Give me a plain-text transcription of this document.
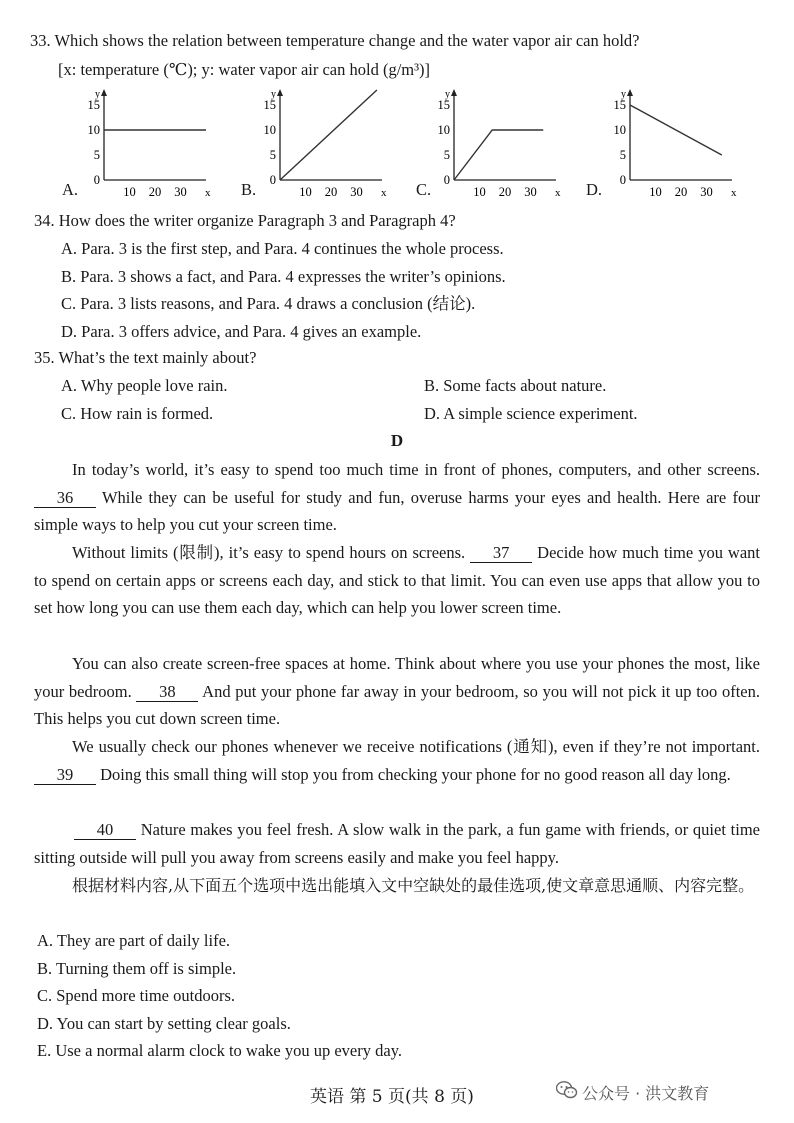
33. Which shows the relation between temperature change and the water vapor air can hold?
[x: temperature (℃); y: water vapor air can hold (g/m³)]
A.	B.	C.	D.
y
15
10
5
0
10 20 30 x
y
15
10
5
0
10 20 30 x
y
15
10
5
0
10 20 30 x
y
15
10
5
0
10 20 30 x
34. How does the writer organize Paragraph 3 and Paragraph 4?
A. Para. 3 is the first step, and Para. 4 continues the whole process.
B. Para. 3 shows a fact, and Para. 4 expresses the writer’s opinions.
C. Para. 3 lists reasons, and Para. 4 draws a conclusion (结论).
D. Para. 3 offers advice, and Para. 4 gives an example.
35. What’s the text mainly about?
A. Why people love rain.	B. Some facts about nature.
C. How rain is formed.	D. A simple science experiment.
D
In today’s world, it’s easy to spend too much time in front of phones, computers, and other screens. 36 While they can be useful for study and fun, overuse harms your eyes and health. Here are four simple ways to help you cut your screen time.
Without limits (限制), it’s easy to spend hours on screens. 37 Decide how much time you want to spend on certain apps or screens each day, and stick to that limit. You can even use apps that allow you to set how long you can use them each day, which can help you lower screen time.
You can also create screen-free spaces at home. Think about where you use your phones the most, like your bedroom. 38 And put your phone far away in your bedroom, so you will not pick it up too often. This helps you cut down screen time.
We usually check our phones whenever we receive notifications (通知), even if they’re not important. 39 Doing this small thing will stop you from checking your phone for no good reason all day long.
40 Nature makes you feel fresh. A slow walk in the park, a fun game with friends, or quiet time sitting outside will pull you away from screens easily and make you feel happy.
根据材料内容,从下面五个选项中选出能填入文中空缺处的最佳选项,使文章意思通顺、内容完整。
A. They are part of daily life.
B. Turning them off is simple.
C. Spend more time outdoors.
D. You can start by setting clear goals.
E. Use a normal alarm clock to wake you up every day.
英语 第 5 页(共 8 页)	公众号 · 洪文教育
